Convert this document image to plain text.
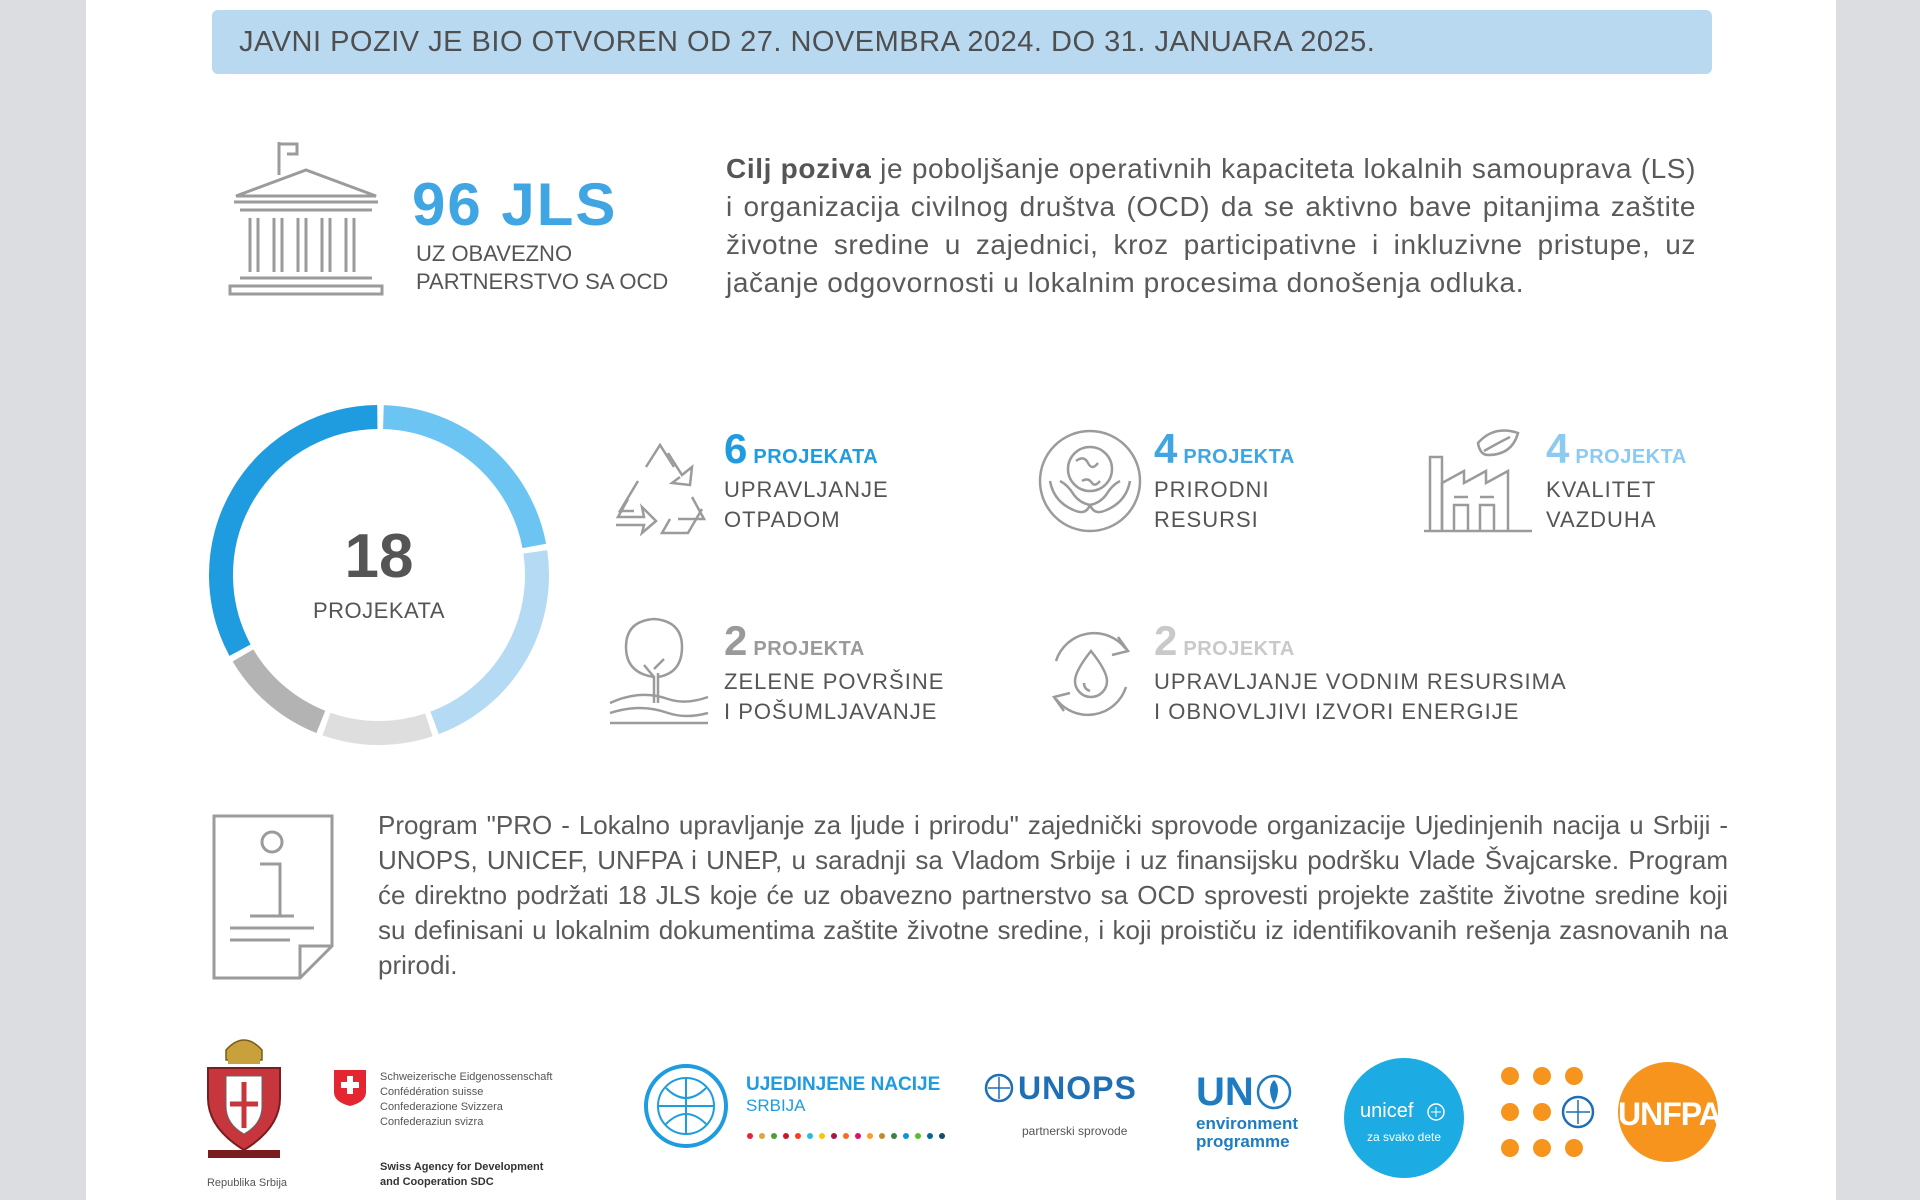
JAVNI POZIV JE BIO OTVOREN OD 27. NOVEMBRA 2024. DO 31. JANUARA 2025.
96 JLS
UZ OBAVEZNO PARTNERSTVO SA OCD
Cilj poziva je poboljšanje operativnih kapaciteta lokalnih samouprava (LS) i organizacija civilnog društva (OCD) da se aktivno bave pitanjima zaštite životne sredine u zajednici, kroz participativne i inkluzivne pristupe, uz jačanje odgovornosti u lokalnim procesima donošenja odluka.
18
PROJEKATA
6 PROJEKATA
UPRAVLJANJE
OTPADOM
4 PROJEKTA
PRIRODNI
RESURSI
4 PROJEKTA
KVALITET
VAZDUHA
2 PROJEKTA
ZELENE POVRŠINE
I POŠUMLJAVANJE
2 PROJEKTA
UPRAVLJANJE VODNIM RESURSIMA
I OBNOVLJIVI IZVORI ENERGIJE
Program "PRO - Lokalno upravljanje za ljude i prirodu" zajednički sprovode organizacije Ujedinjenih nacija u Srbiji - UNOPS, UNICEF, UNFPA i UNEP, u saradnji sa Vladom Srbije i uz finansijsku podršku Vlade Švajcarske. Program će direktno podržati 18 JLS koje će uz obavezno partnerstvo sa OCD sprovesti projekte zaštite životne sredine koji su definisani u lokalnim dokumentima zaštite životne sredine, i koji proističu iz identifikovanih rešenja zasnovanih na prirodi.
Republika Srbija
Schweizerische Eidgenossenschaft
Confédération suisse
Confederazione Svizzera
Confederaziun svizra
Swiss Agency for Development
and Cooperation SDC
UJEDINJENE NACIJE
SRBIJA	UNOPS
partnerski sprovode
UN
environment
programme
unicef
za svako dete
UNFPA
